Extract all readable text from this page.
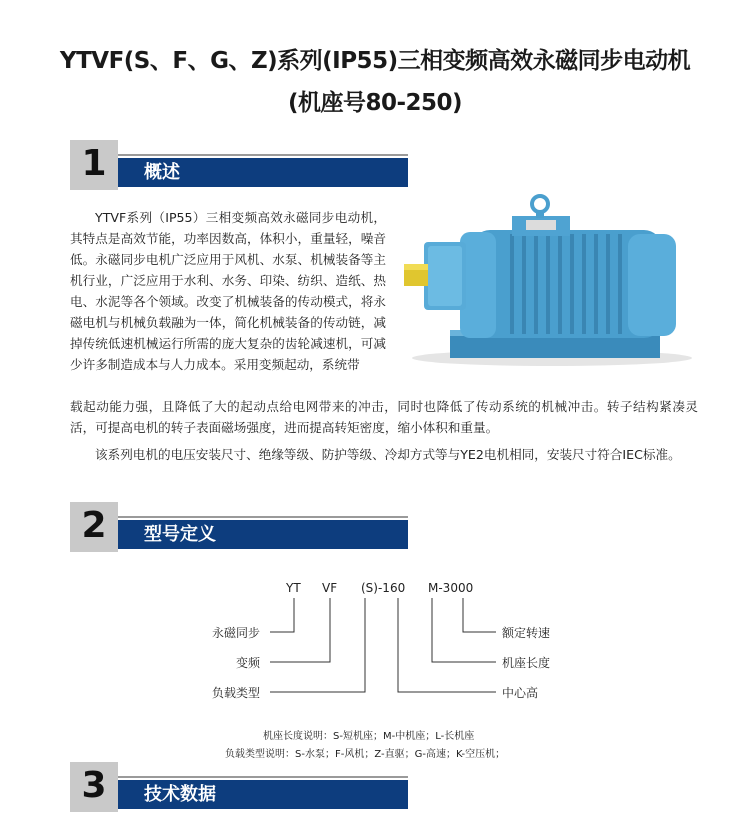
YTVF(S、F、G、Z)系列(IP55)三相变频高效永磁同步电动机
(机座号80-250)
1	概述
YTVF系列（IP55）三相变频高效永磁同步电动机，其特点是高效节能，功率因数高，体积小，重量轻，噪音低。永磁同步电机广泛应用于风机、水泵、机械装备等主机行业，广泛应用于水利、水务、印染、纺织、造纸、热电、水泥等各个领域。改变了机械装备的传动模式，将永磁电机与机械负载融为一体，简化机械装备的传动链，减掉传统低速机械运行所需的庞大复杂的齿轮减速机，可减少许多制造成本与人力成本。采用变频起动，系统带
载起动能力强，且降低了大的起动点给电网带来的冲击，同时也降低了传动系统的机械冲击。转子结构紧凑灵活，可提高电机的转子表面磁场强度，进而提高转矩密度，缩小体积和重量。
该系列电机的电压安装尺寸、绝缘等级、防护等级、冷却方式等与YE2电机相同，安装尺寸符合IEC标准。
2	型号定义
YT VF (S)-160 M-3000
永磁同步
变频
负载类型
额定转速
机座长度
中心高
机座长度说明：S-短机座；M-中机座；L-长机座
负载类型说明：S-水泵；F-风机；Z-直驱；G-高速；K-空压机；
3	技术数据
